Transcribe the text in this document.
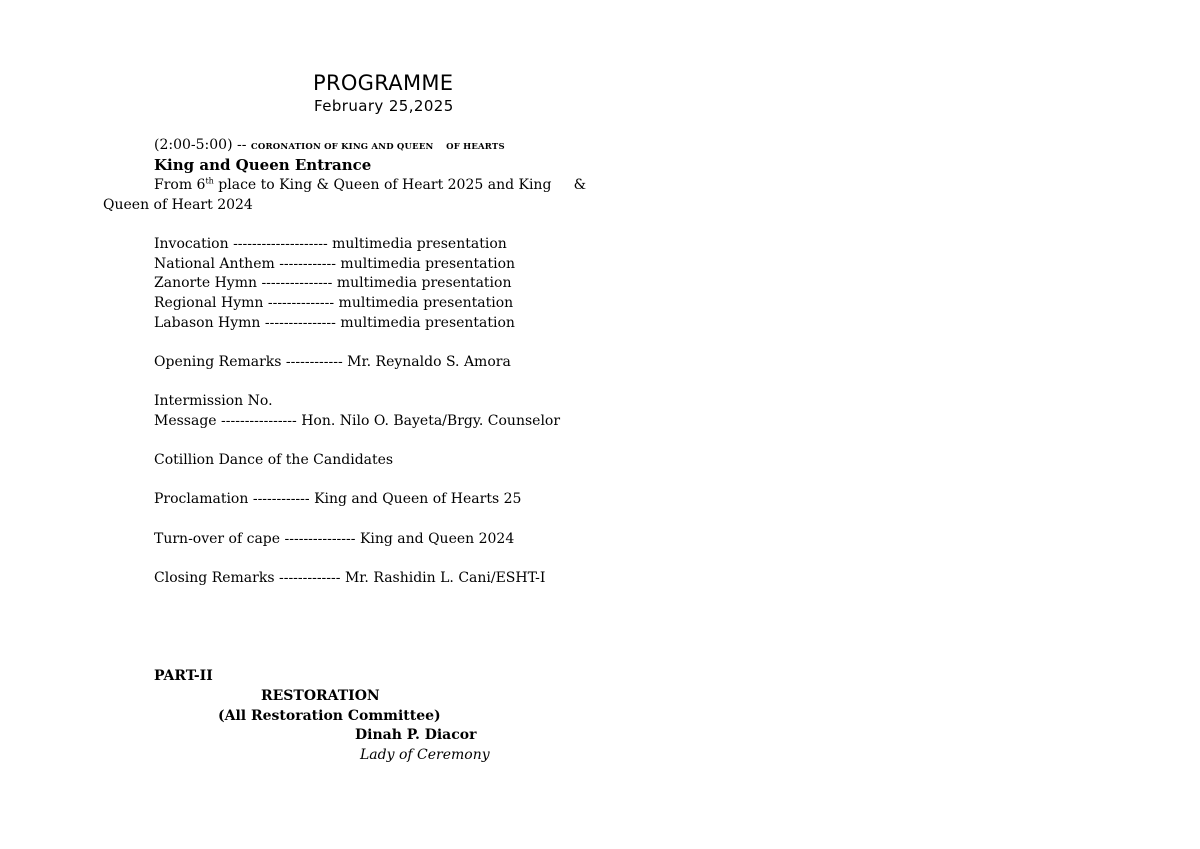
PROGRAMME
February 25,2025
(2:00-5:00) -- CORONATION OF KING AND QUEEN    OF HEARTS
King and Queen Entrance
From 6th place to King & Queen of Heart 2025 and King     &
Queen of Heart 2024
Invocation -------------------- multimedia presentation
National Anthem ------------ multimedia presentation
Zanorte Hymn --------------- multimedia presentation
Regional Hymn -------------- multimedia presentation
Labason Hymn --------------- multimedia presentation
Opening Remarks ------------ Mr. Reynaldo S. Amora
Intermission No.
Message ---------------- Hon. Nilo O. Bayeta/Brgy. Counselor
Cotillion Dance of the Candidates
Proclamation ------------ King and Queen of Hearts 25
Turn-over of cape --------------- King and Queen 2024
Closing Remarks ------------- Mr. Rashidin L. Cani/ESHT-I
PART-II
RESTORATION
(All Restoration Committee)
Dinah P. Diacor
Lady of Ceremony
